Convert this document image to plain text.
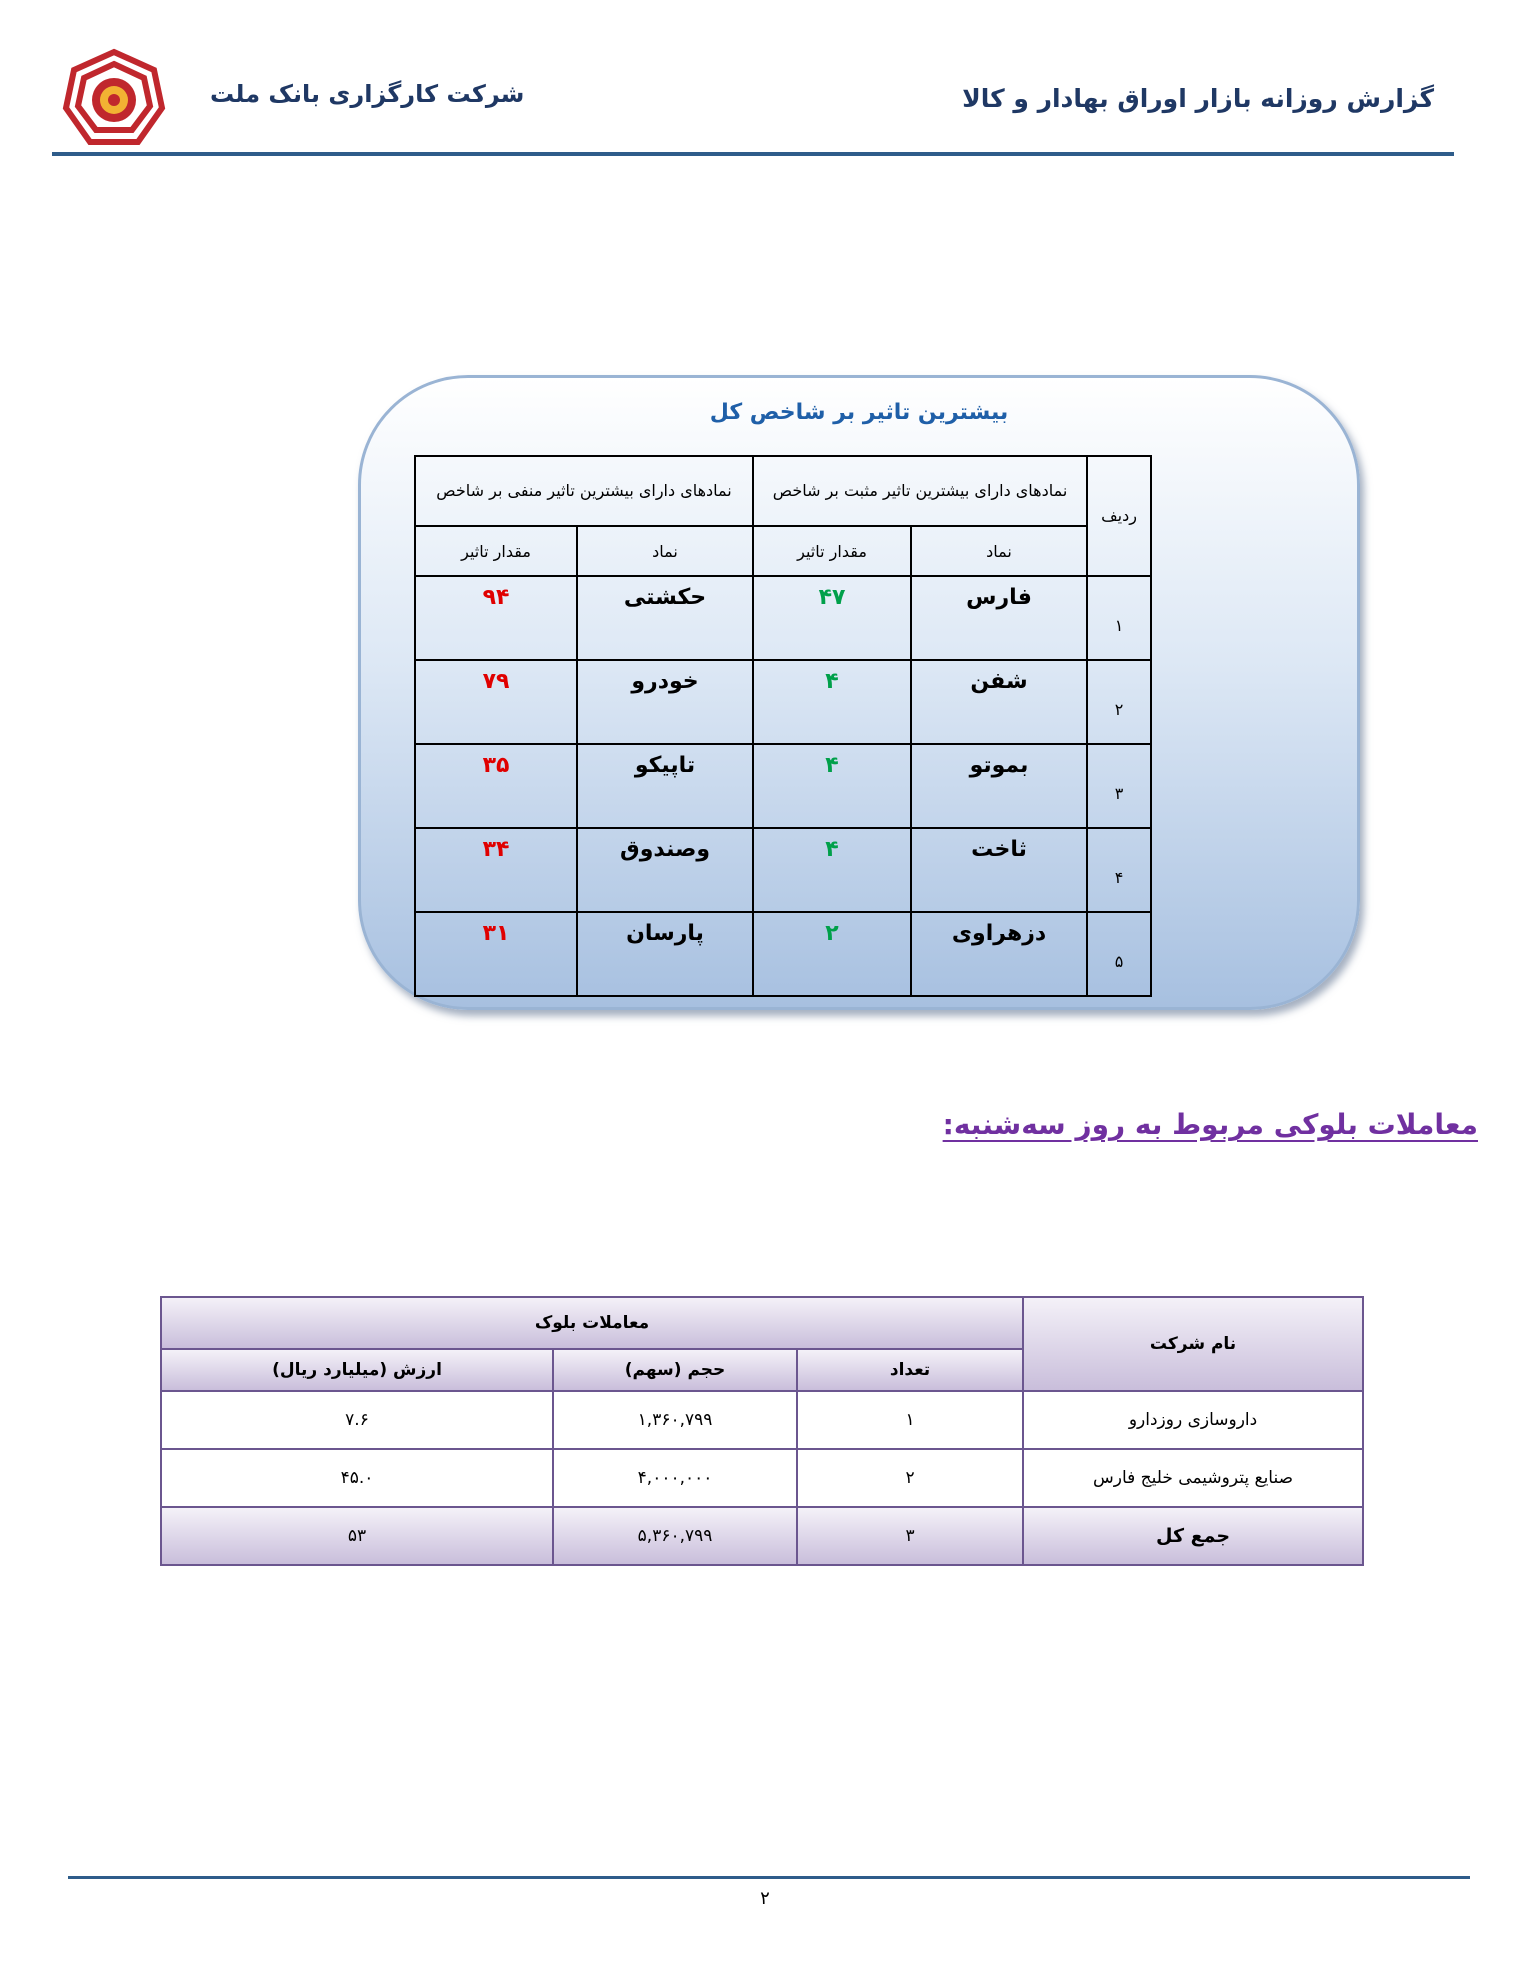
شرکت کارگزاری بانک ملت	گزارش روزانه بازار اوراق بهادار و کالا
بیشترین تاثیر بر شاخص کل
ردیف	نمادهای دارای بیشترین تاثیر مثبت بر شاخص		نمادهای دارای بیشترین تاثیر منفی بر شاخص	
	نماد	مقدار تاثیر	نماد	مقدار تاثیر
۱	فارس	۴۷	حکشتی	۹۴
۲	شفن	۴	خودرو	۷۹
۳	بموتو	۴	تاپیکو	۳۵
۴	ثاخت	۴	وصندوق	۳۴
۵	دزهراوی	۲	پارسان	۳۱
معاملات بلوکی مربوط به روز سه‌شنبه:
نام شرکت	معاملات بلوک		
	تعداد	حجم (سهم)	ارزش (میلیارد ریال)
داروسازی روزدارو	۱	۱,۳۶۰,۷۹۹	۷.۶
صنایع پتروشیمی خلیج فارس	۲	۴,۰۰۰,۰۰۰	۴۵.۰
جمع کل	۳	۵,۳۶۰,۷۹۹	۵۳
۲
